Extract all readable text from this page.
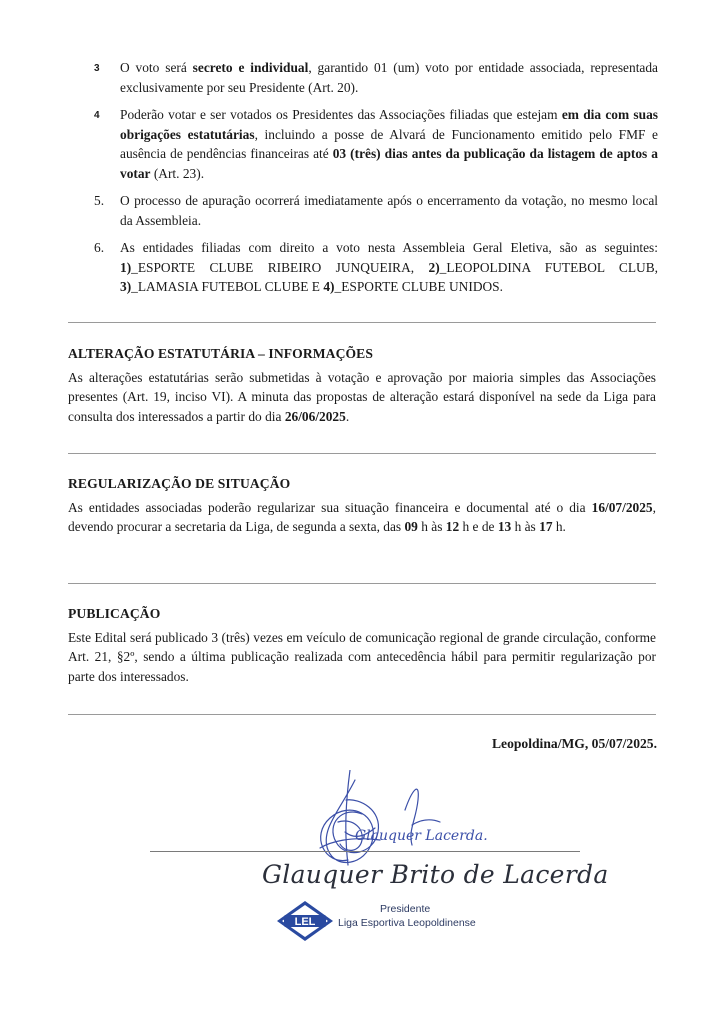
3	O voto será secreto e individual, garantido 01 (um) voto por entidade associada, representada exclusivamente por seu Presidente (Art. 20).
4	Poderão votar e ser votados os Presidentes das Associações filiadas que estejam em dia com suas obrigações estatutárias, incluindo a posse de Alvará de Funcionamento emitido pelo FMF e ausência de pendências financeiras até 03 (três) dias antes da publicação da listagem de aptos a votar (Art. 23).
5.	O processo de apuração ocorrerá imediatamente após o encerramento da votação, no mesmo local da Assembleia.
6.	As entidades filiadas com direito a voto nesta Assembleia Geral Eletiva, são as seguintes: 1)_ESPORTE CLUBE RIBEIRO JUNQUEIRA, 2)_LEOPOLDINA FUTEBOL CLUB, 3)_LAMASIA FUTEBOL CLUBE E 4)_ESPORTE CLUBE UNIDOS.
ALTERAÇÃO ESTATUTÁRIA – INFORMAÇÕES

As alterações estatutárias serão submetidas à votação e aprovação por maioria simples das Associações presentes (Art. 19, inciso VI). A minuta das propostas de alteração estará disponível na sede da Liga para consulta dos interessados a partir do dia 26/06/2025.

REGULARIZAÇÃO DE SITUAÇÃO

As entidades associadas poderão regularizar sua situação financeira e documental até o dia 16/07/2025, devendo procurar a secretaria da Liga, de segunda a sexta, das 09 h às 12 h e de 13 h às 17 h.

PUBLICAÇÃO

Este Edital será publicado 3 (três) vezes em veículo de comunicação regional de grande circulação, conforme Art. 21, §2º, sendo a última publicação realizada com antecedência hábil para permitir regularização por parte dos interessados.

Leopoldina/MG, 05/07/2025.
Glauquer Lacerda.
Glauquer Brito de Lacerda
LEL
Presidente
Liga Esportiva Leopoldinense
